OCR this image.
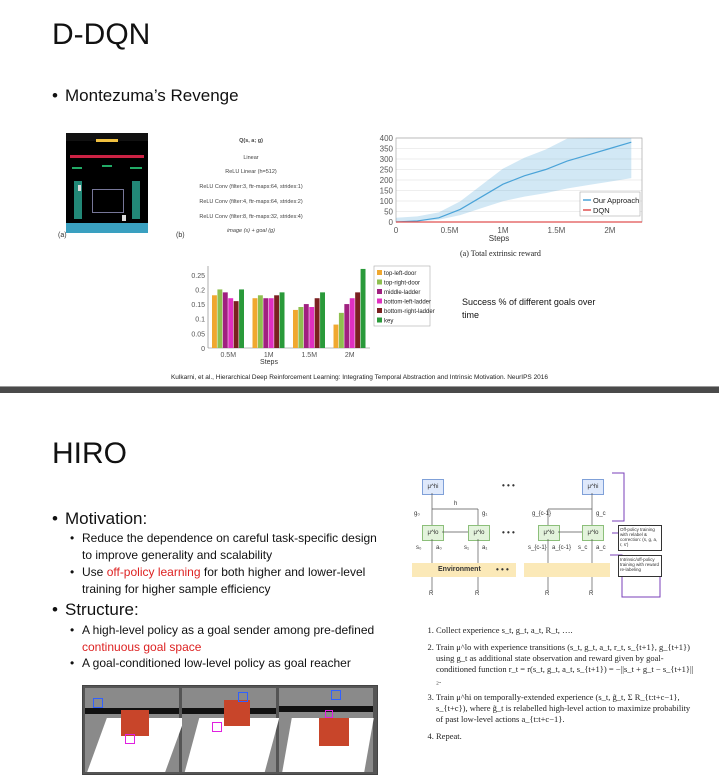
D-DQN
• Montezuma’s Revenge
(a)	(b)
Q(s, a; g)
Linear
ReLU Linear (h=512)
ReLU Conv (filter:3, ftr-maps:64, strides:1)
ReLU Conv (filter:4, ftr-maps:64, strides:2)
ReLU Conv (filter:8, ftr-maps:32, strides:4)
image (s) + goal (g)
0
50
100
150
200
250
300
350
400
0	0.5M	1M	1.5M	2M
Steps
Our Approach
DQN
(a) Total extrinsic reward
0
0.05
0.1
0.15
0.2
0.25
0.5M	1M	1.5M	2M
Steps
top-left-door
top-right-door
middle-ladder
bottom-left-ladder
bottom-right-ladder
key
Success % of different goals over time
Kulkarni, et al., Hierarchical Deep Reinforcement Learning: Integrating Temporal Abstraction and Intrinsic Motivation. NeurIPS 2016
HIRO
• Motivation:
• Reduce the dependence on careful task-specific design to improve generality and scalability
• Use off-policy learning for both higher and lower-level training for higher sample efficiency
• Structure:
• A high-level policy as a goal sender among pre-defined continuous goal space
• A goal-conditioned low-level policy as goal reacher
Environment
μ^hi	μ^hi
μ^lo	μ^lo	μ^lo	μ^lo
h
g₀	g₁	g_{c-1}	g_c
s₀ a₀	s₁ a₁	s_{c-1} a_{c-1} s_c a_c
R	R	R	R
• • •
• • •
• • •
Off-policy training with relabel & correction: (s, g, a, r, s')
Intrinsic/off-policy training with reward re-labeling
1. Collect experience s_t, g_t, a_t, R_t, ….
2. Train μ^lo with experience transitions (s_t, g_t, a_t, r_t, s_{t+1}, g_{t+1}) using g_t as additional state observation and reward given by goal-conditioned function r_t = r(s_t, g_t, a_t, s_{t+1}) = −||s_t + g_t − s_{t+1}||₂.
3. Train μ^hi on temporally-extended experience (s_t, g̃_t, Σ R_{t:t+c−1}, s_{t+c}), where g̃_t is relabelled high-level action to maximize probability of past low-level actions a_{t:t+c−1}.
4. Repeat.
